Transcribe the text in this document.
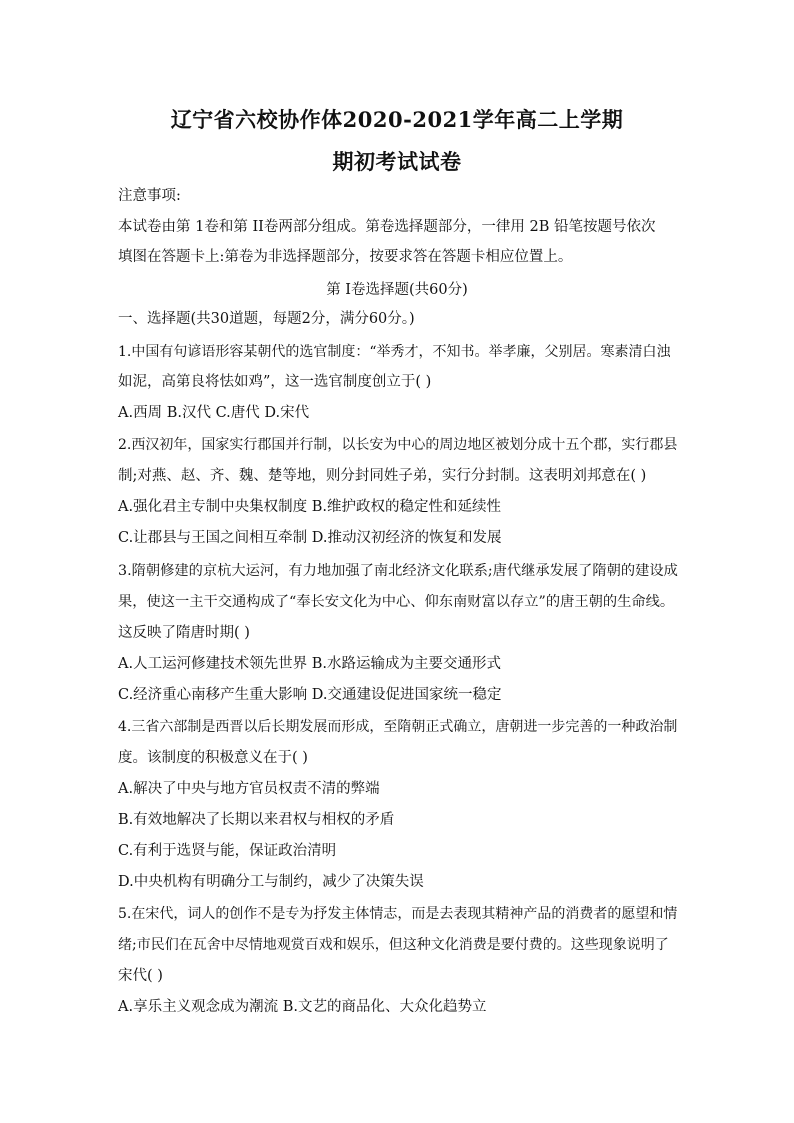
辽宁省六校协作体2020-2021学年高二上学期
期初考试试卷
注意事项:
本试卷由第 1卷和第 II卷两部分组成。第卷选择题部分，一律用 2B 铅笔按题号依次
填图在答题卡上:第卷为非选择题部分，按要求答在答题卡相应位置上。
第 I卷选择题(共60分)
一、选择题(共30道题，每题2分，满分60分。)
1.中国有句谚语形容某朝代的选官制度：“举秀才，不知书。举孝廉，父别居。寒素清白浊
如泥，高第良将怯如鸡”，这一选官制度创立于( )
A.西周 B.汉代 C.唐代 D.宋代
2.西汉初年，国家实行郡国并行制，以长安为中心的周边地区被划分成十五个郡，实行郡县
制;对燕、赵、齐、魏、楚等地，则分封同姓子弟，实行分封制。这表明刘邦意在( )
A.强化君主专制中央集权制度 B.维护政权的稳定性和延续性
C.让郡县与王国之间相互牵制 D.推动汉初经济的恢复和发展
3.隋朝修建的京杭大运河，有力地加强了南北经济文化联系;唐代继承发展了隋朝的建设成
果，使这一主干交通构成了“奉长安文化为中心、仰东南财富以存立”的唐王朝的生命线。
这反映了隋唐时期( )
A.人工运河修建技术领先世界 B.水路运输成为主要交通形式
C.经济重心南移产生重大影响 D.交通建设促进国家统一稳定
4.三省六部制是西晋以后长期发展而形成，至隋朝正式确立，唐朝进一步完善的一种政治制
度。该制度的积极意义在于( )
A.解决了中央与地方官员权责不清的弊端
B.有效地解决了长期以来君权与相权的矛盾
C.有利于选贤与能，保证政治清明
D.中央机构有明确分工与制约，减少了决策失误
5.在宋代，词人的创作不是专为抒发主体情志，而是去表现其精神产品的消费者的愿望和情
绪;市民们在瓦舍中尽情地观赏百戏和娱乐，但这种文化消费是要付费的。这些现象说明了
宋代( )
A.享乐主义观念成为潮流 B.文艺的商品化、大众化趋势立
